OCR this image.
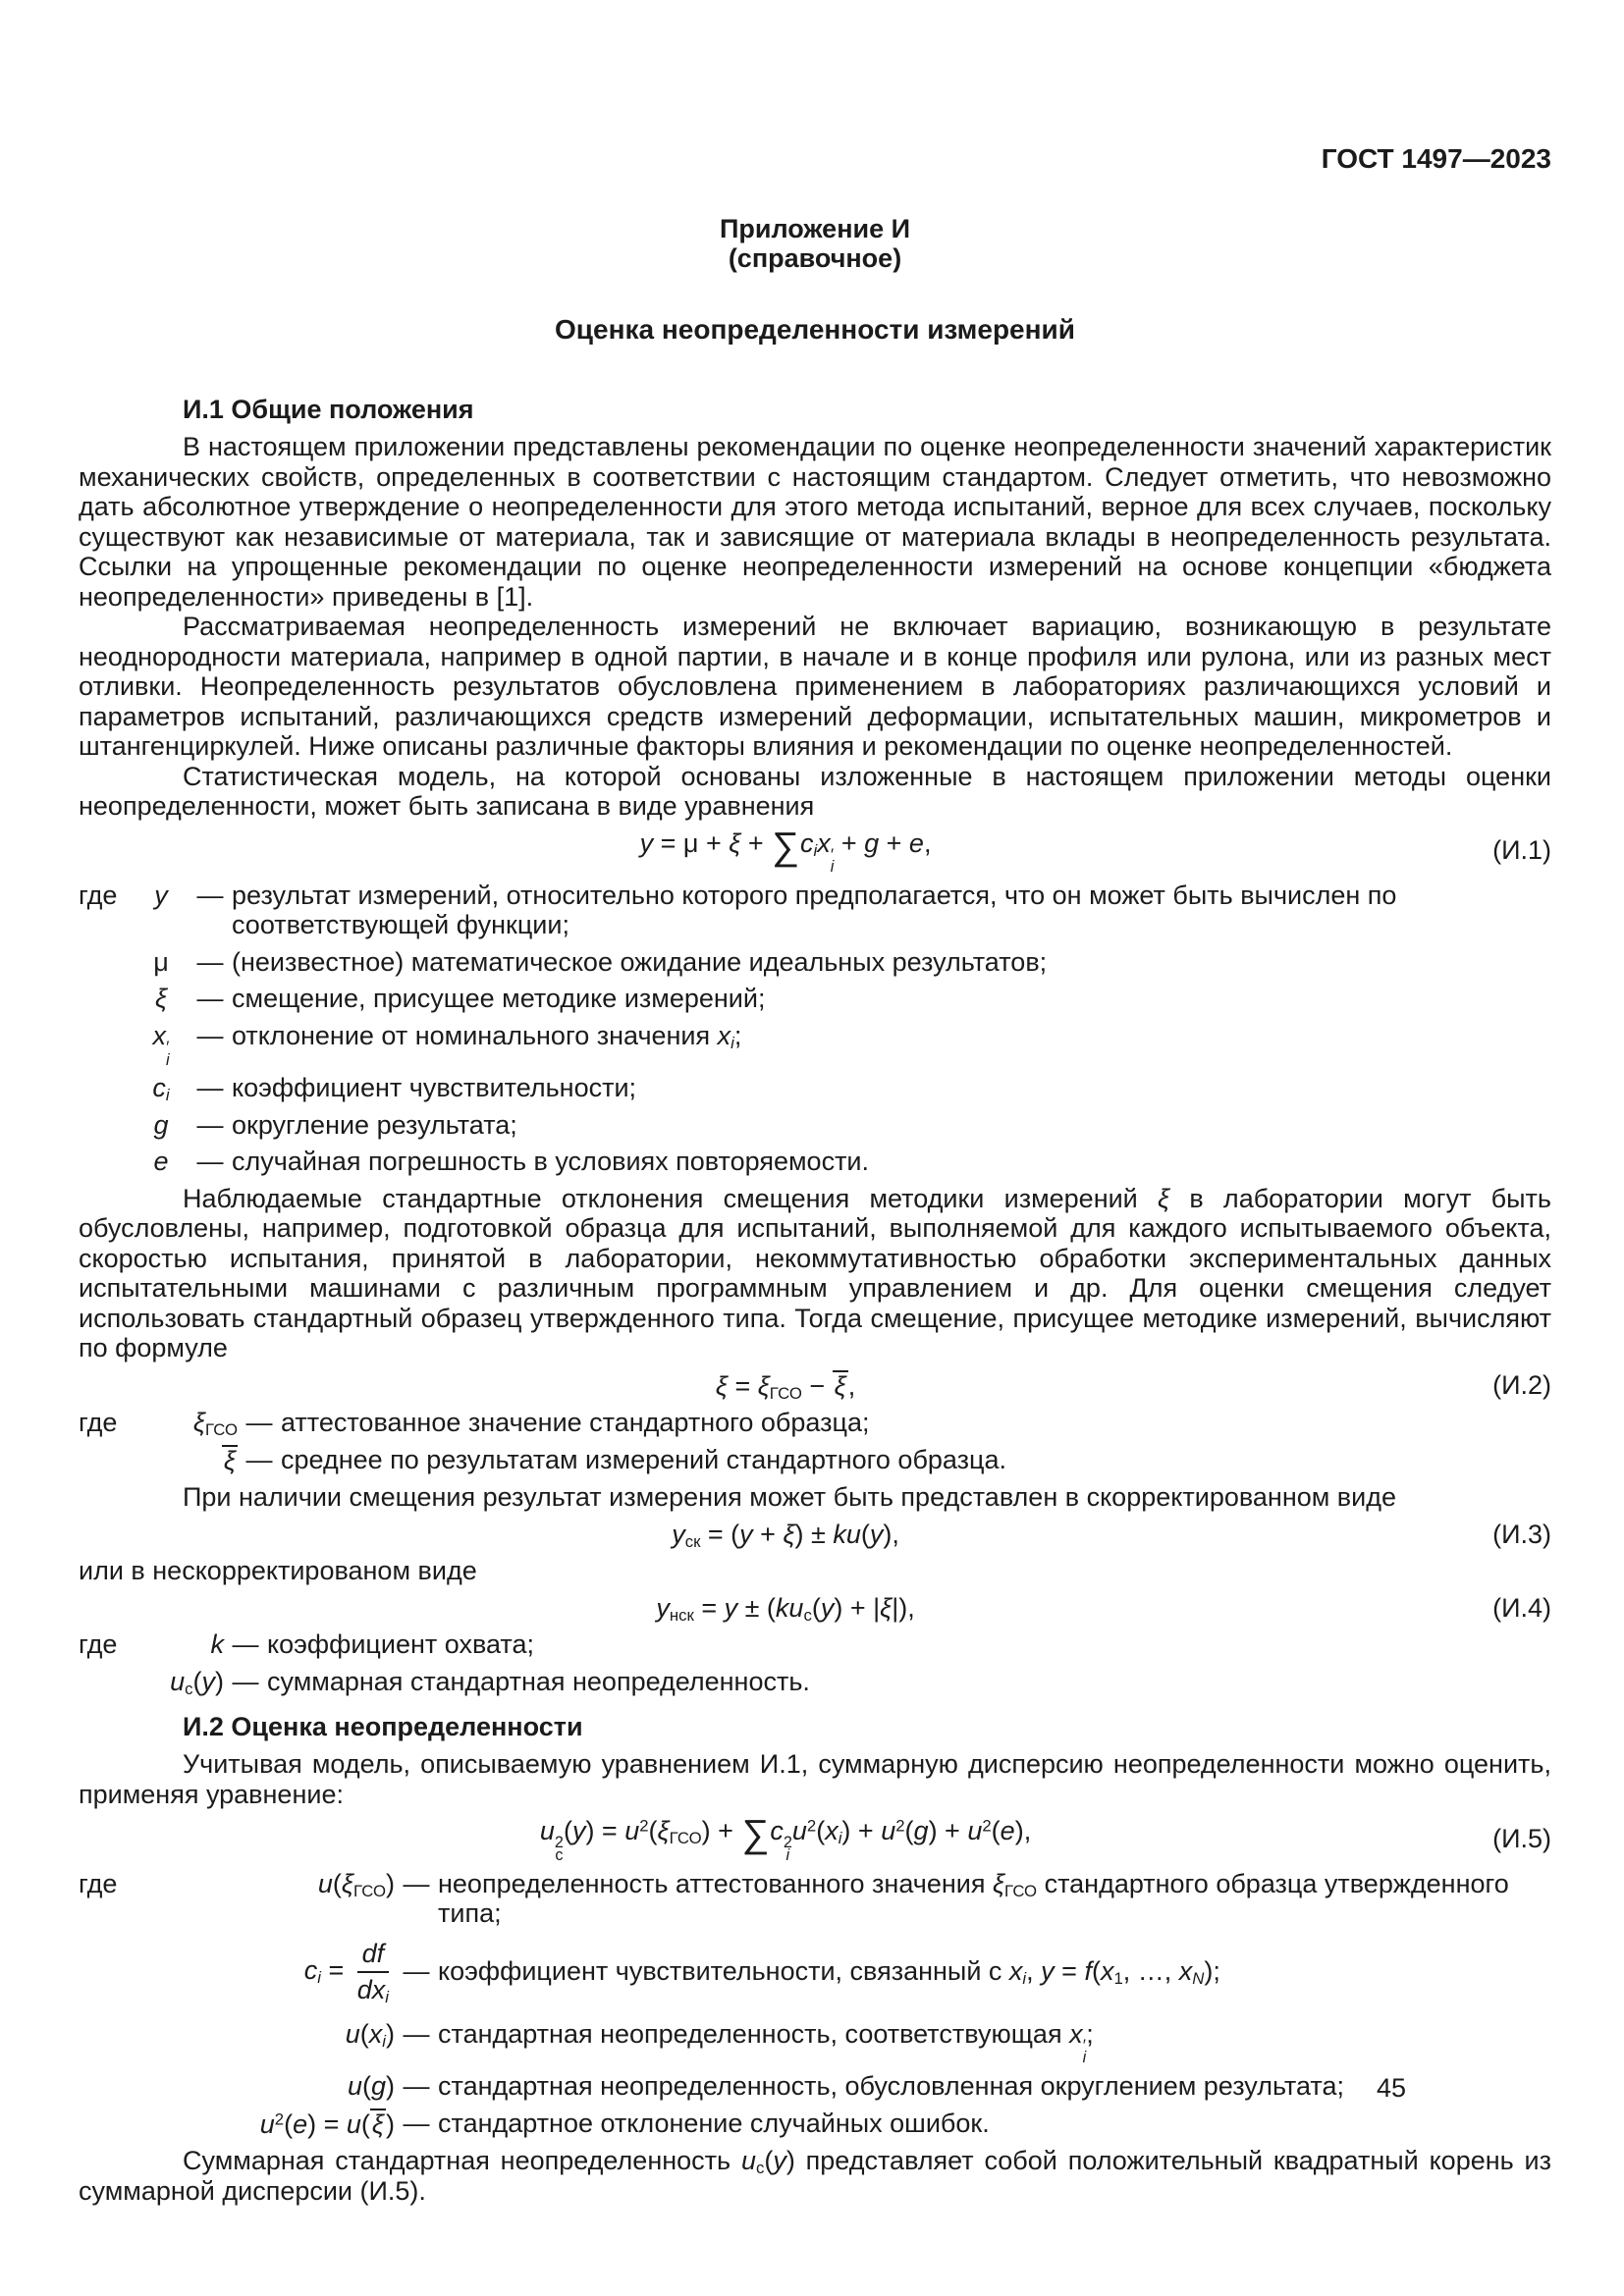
ГОСТ 1497—2023
Приложение И
(справочное)
Оценка неопределенности измерений
И.1 Общие положения

В настоящем приложении представлены рекомендации по оценке неопределенности значений характеристик механических свойств, определенных в соответствии с настоящим стандартом. Следует отметить, что невозможно дать абсолютное утверждение о неопределенности для этого метода испытаний, верное для всех случаев, поскольку существуют как независимые от материала, так и зависящие от материала вклады в неопределенность результата. Ссылки на упрощенные рекомендации по оценке неопределенности измерений на основе концепции «бюджета неопределенности» приведены в [1].

Рассматриваемая неопределенность измерений не включает вариацию, возникающую в результате неоднородности материала, например в одной партии, в начале и в конце профиля или рулона, или из разных мест отливки. Неопределенность результатов обусловлена применением в лабораториях различающихся условий и параметров испытаний, различающихся средств измерений деформации, испытательных машин, микрометров и штангенциркулей. Ниже описаны различные факторы влияния и рекомендации по оценке неопределенностей.

Статистическая модель, на которой основаны изложенные в настоящем приложении методы оценки неопределенности, может быть записана в виде уравнения

$y = \mu + \xi + \sum c_ix$ ′
i
+ g + e,	(И.1)
где	y	— результат измерений, относительно которого предполагается, что он может быть вычислен по соответствующей функции;
μ	— (неизвестное) математическое ожидание идеальных результатов;
ξ	— смещение, присущее методике измерений;
x ′
i
— отклонение от номинального значения $x_i$;
$c_i$	— коэффициент чувствительности;
g	— округление результата;
e	— случайная погрешность в условиях повторяемости.

Наблюдаемые стандартные отклонения смещения методики измерений ξ в лаборатории могут быть обусловлены, например, подготовкой образца для испытаний, выполняемой для каждого испытываемого объекта, скоростью испытания, принятой в лаборатории, некоммутативностью обработки экспериментальных данных испытательными машинами с различным программным управлением и др. Для оценки смещения следует использовать стандартный образец утвержденного типа. Тогда смещение, присущее методике измерений, вычисляют по формуле

$\xi = \xi_{ГСО} - \xi$,	(И.2)
где	$\xi_{ГСО}$ — аттестованное значение стандартного образца;
ξ — среднее по результатам измерений стандартного образца.

При наличии смещения результат измерения может быть представлен в скорректированном виде

$y_{ск} = (y + \xi) \pm ku(y)$,	(И.3)

или в нескорректированом виде

$y_{нск} = y \pm (ku_c(y) + |\xi|)$,	(И.4)
где	k — коэффициент охвата;
$u_c(y)$ — суммарная стандартная неопределенность.
И.2 Оценка неопределенности

Учитывая модель, описываемую уравнением И.1, суммарную дисперсию неопределенности можно оценить, применяя уравнение:

u 2
c
$(y) = u^2(\xi_{ГСО}) + \sum c$ 2
i
$u^2(x_i) + u^2(g) + u^2(e)$,	(И.5)
где	$u(\xi_{ГСО})$ — неопределенность аттестованного значения $\xi_{ГСО}$ стандартного образца утвержденного типа;
$c_i = \frac{df}{dx_i}$ — коэффициент чувствительности, связанный с $x_i$, $y = f(x_1$, …, $x_N$);
$u(x_i)$ — стандартная неопределенность, соответствующая x ′
i
;
u(g) — стандартная неопределенность, обусловленная округлением результата;
$u^2(e) = u(\xi)$ — стандартное отклонение случайных ошибок.

Суммарная стандартная неопределенность $u_c(y)$ представляет собой положительный квадратный корень из суммарной дисперсии (И.5).

45
